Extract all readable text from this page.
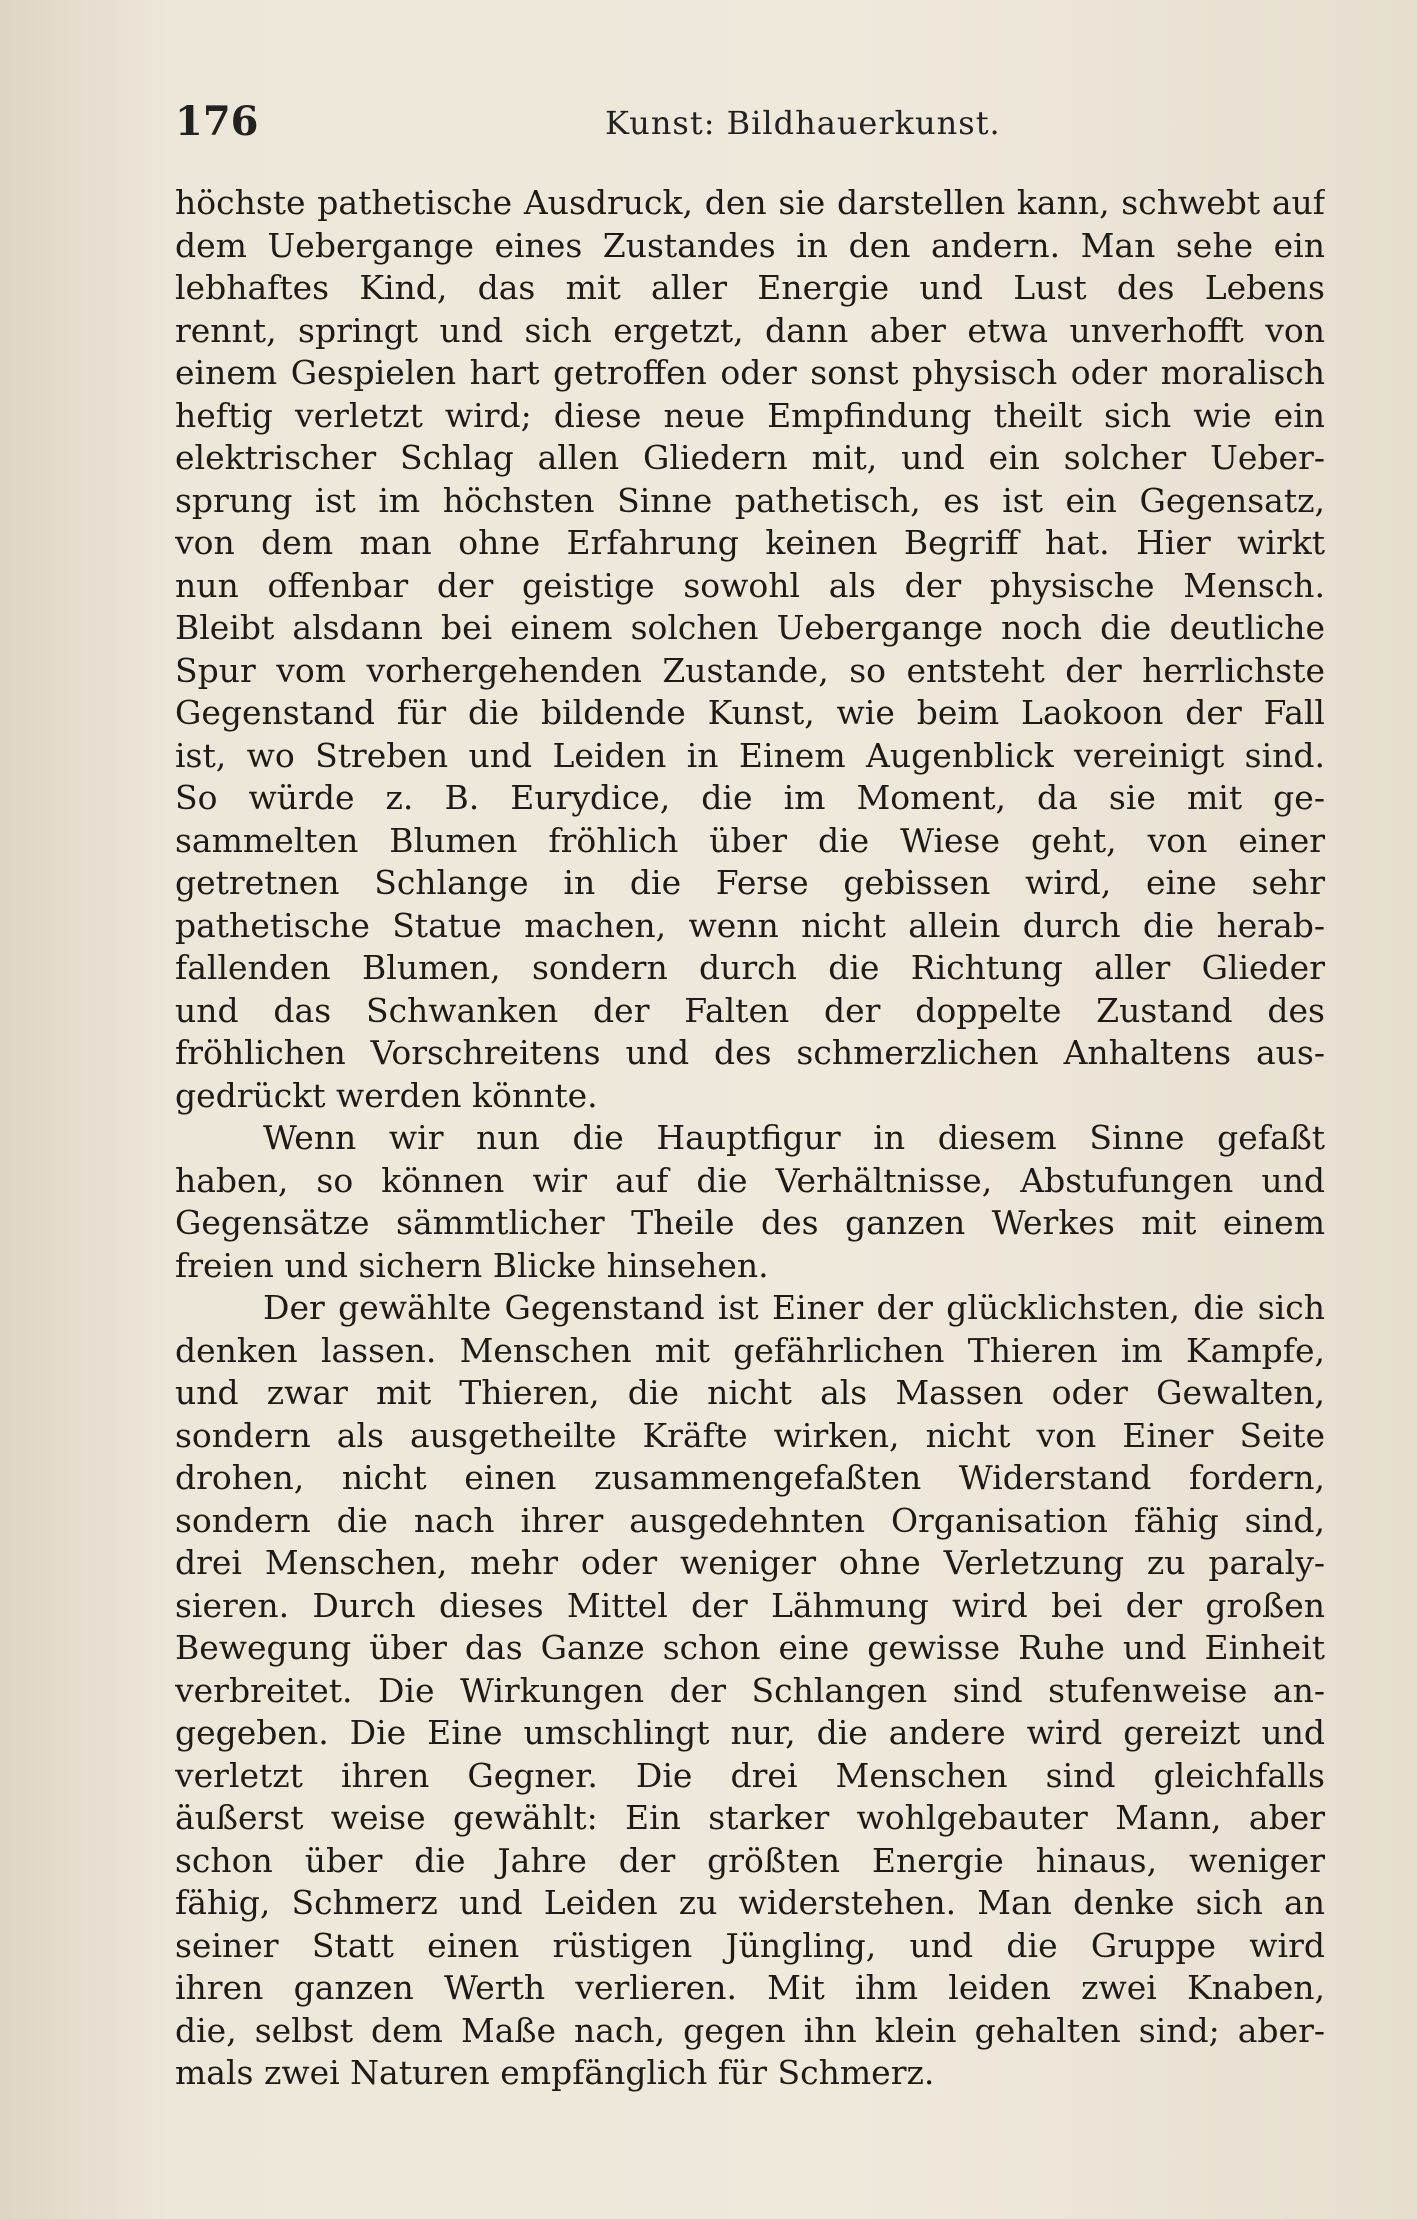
176	Kunst: Bildhauerkunst.
höchste pathetische Ausdruck, den sie darstellen kann, schwebt auf
dem Uebergange eines Zustandes in den andern. Man sehe ein
lebhaftes Kind, das mit aller Energie und Lust des Lebens
rennt, springt und sich ergetzt, dann aber etwa unverhofft von
einem Gespielen hart getroffen oder sonst physisch oder moralisch
heftig verletzt wird; diese neue Empfindung theilt sich wie ein
elektrischer Schlag allen Gliedern mit, und ein solcher Ueber-
sprung ist im höchsten Sinne pathetisch, es ist ein Gegensatz,
von dem man ohne Erfahrung keinen Begriff hat. Hier wirkt
nun offenbar der geistige sowohl als der physische Mensch.
Bleibt alsdann bei einem solchen Uebergange noch die deutliche
Spur vom vorhergehenden Zustande, so entsteht der herrlichste
Gegenstand für die bildende Kunst, wie beim Laokoon der Fall
ist, wo Streben und Leiden in Einem Augenblick vereinigt sind.
So würde z. B. Eurydice, die im Moment, da sie mit ge-
sammelten Blumen fröhlich über die Wiese geht, von einer
getretnen Schlange in die Ferse gebissen wird, eine sehr
pathetische Statue machen, wenn nicht allein durch die herab-
fallenden Blumen, sondern durch die Richtung aller Glieder
und das Schwanken der Falten der doppelte Zustand des
fröhlichen Vorschreitens und des schmerzlichen Anhaltens aus-
gedrückt werden könnte.
Wenn wir nun die Hauptfigur in diesem Sinne gefaßt
haben, so können wir auf die Verhältnisse, Abstufungen und
Gegensätze sämmtlicher Theile des ganzen Werkes mit einem
freien und sichern Blicke hinsehen.
Der gewählte Gegenstand ist Einer der glücklichsten, die sich
denken lassen. Menschen mit gefährlichen Thieren im Kampfe,
und zwar mit Thieren, die nicht als Massen oder Gewalten,
sondern als ausgetheilte Kräfte wirken, nicht von Einer Seite
drohen, nicht einen zusammengefaßten Widerstand fordern,
sondern die nach ihrer ausgedehnten Organisation fähig sind,
drei Menschen, mehr oder weniger ohne Verletzung zu paraly-
sieren. Durch dieses Mittel der Lähmung wird bei der großen
Bewegung über das Ganze schon eine gewisse Ruhe und Einheit
verbreitet. Die Wirkungen der Schlangen sind stufenweise an-
gegeben. Die Eine umschlingt nur, die andere wird gereizt und
verletzt ihren Gegner. Die drei Menschen sind gleichfalls
äußerst weise gewählt: Ein starker wohlgebauter Mann, aber
schon über die Jahre der größten Energie hinaus, weniger
fähig, Schmerz und Leiden zu widerstehen. Man denke sich an
seiner Statt einen rüstigen Jüngling, und die Gruppe wird
ihren ganzen Werth verlieren. Mit ihm leiden zwei Knaben,
die, selbst dem Maße nach, gegen ihn klein gehalten sind; aber-
mals zwei Naturen empfänglich für Schmerz.
